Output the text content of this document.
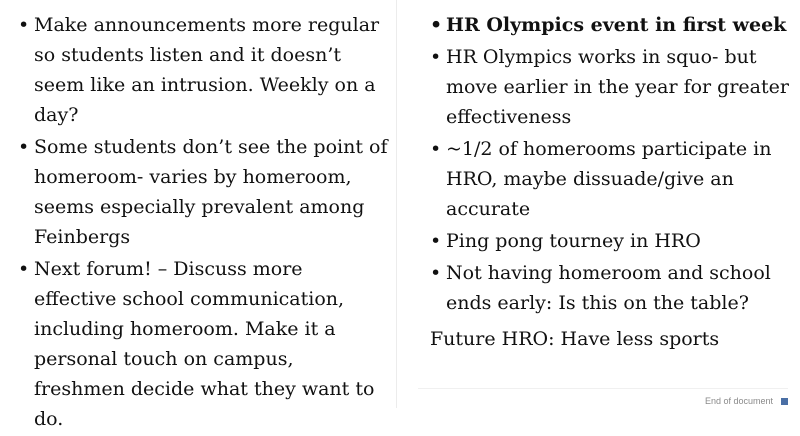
• Make announcements more regular so students listen and it doesn’t seem like an intrusion. Weekly on a day?
• Some students don’t see the point of homeroom- varies by homeroom, seems especially prevalent among Feinbergs
• Next forum! – Discuss more effective school communication, including homeroom. Make it a personal touch on campus, freshmen decide what they want to do.
• HR Olympics event in first week
• HR Olympics works in squo- but move earlier in the year for greater effectiveness
• ~1/2 of homerooms participate in HRO, maybe dissuade/give an accurate
• Ping pong tourney in HRO
• Not having homeroom and school ends early: Is this on the table?
Future HRO: Have less sports
End of document
